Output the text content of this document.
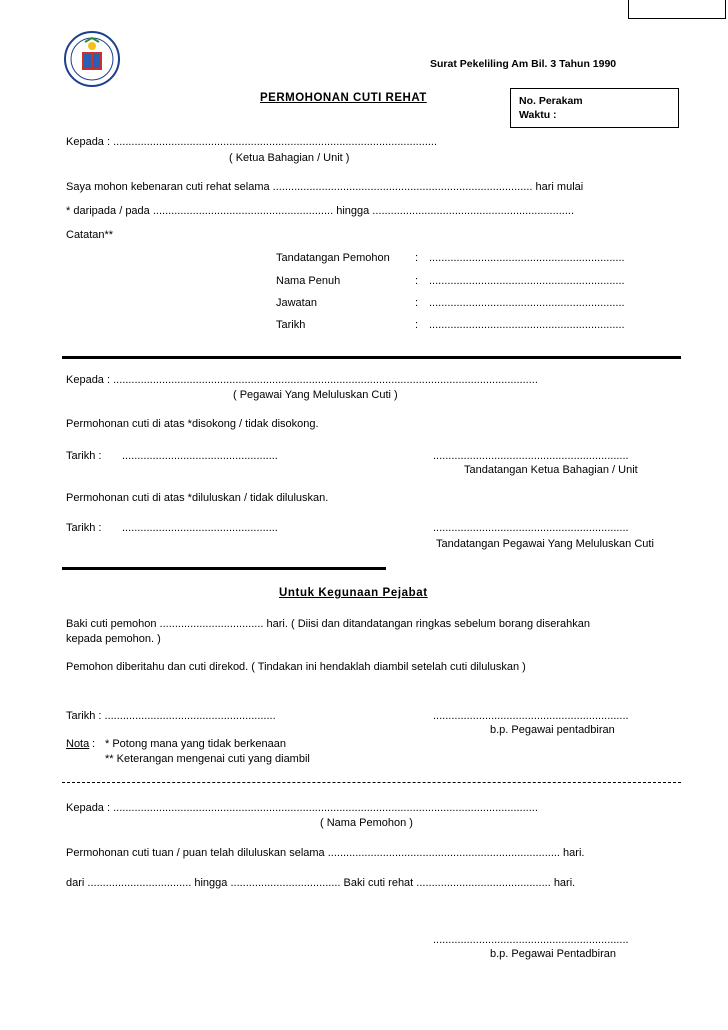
Surat Pekeliling Am Bil. 3 Tahun 1990
PERMOHONAN CUTI REHAT	No. Perakam
Waktu :
Kepada : ..........................................................................................................
( Ketua Bahagian / Unit )
Saya mohon kebenaran cuti rehat selama ..................................................................................... hari mulai
* daripada / pada ........................................................... hingga ..................................................................
Catatan**
Tandatangan Pemohon : ................................................................
Nama Penuh	: ................................................................
Jawatan	: ................................................................
Tarikh	: ................................................................
Kepada : ...........................................................................................................................................
( Pegawai Yang Meluluskan Cuti )
Permohonan cuti di atas *disokong / tidak disokong.
Tarikh : ...................................................	................................................................
Tandatangan Ketua Bahagian / Unit
Permohonan cuti di atas *diluluskan / tidak diluluskan.
Tarikh : ...................................................	................................................................
Tandatangan Pegawai Yang Meluluskan Cuti
Untuk Kegunaan Pejabat
Baki cuti pemohon .................................. hari. ( Diisi dan ditandatangan ringkas sebelum borang diserahkan
kepada pemohon. )
Pemohon diberitahu dan cuti direkod. ( Tindakan ini hendaklah diambil setelah cuti diluluskan )
Tarikh : ........................................................	................................................................
b.p. Pegawai pentadbiran
Nota : * Potong mana yang tidak berkenaan
** Keterangan mengenai cuti yang diambil
Kepada : ...........................................................................................................................................
( Nama Pemohon )
Permohonan cuti tuan / puan telah diluluskan selama ............................................................................ hari.
dari .................................. hingga .................................... Baki cuti rehat ............................................ hari.
................................................................
b.p. Pegawai Pentadbiran
